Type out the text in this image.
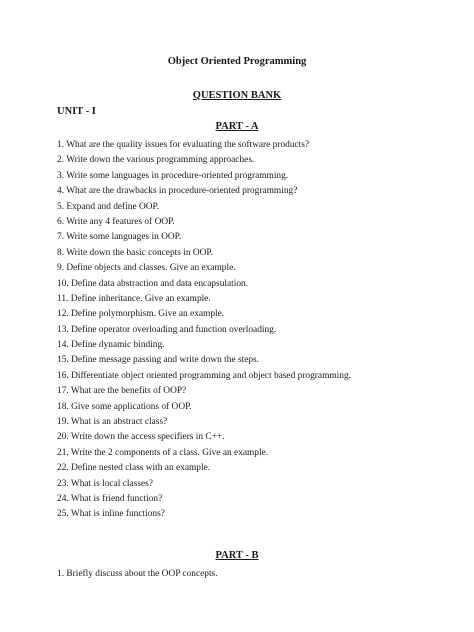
Object Oriented Programming
QUESTION BANK
UNIT - I
PART - A
1. What are the quality issues for evaluating the software products?
2. Write down the various programming approaches.
3. Write some languages in procedure-oriented programming.
4. What are the drawbacks in procedure-oriented programming?
5. Expand and define OOP.
6. Write any 4 features of OOP.
7. Write some languages in OOP.
8. Write down the basic concepts in OOP.
9. Define objects and classes. Give an example.
10. Define data abstraction and data encapsulation.
11. Define inheritance. Give an example.
12. Define polymorphism. Give an example.
13. Define operator overloading and function overloading.
14. Define dynamic binding.
15. Define message passing and write down the steps.
16. Differentiate object oriented programming and object based programming.
17. What are the benefits of OOP?
18. Give some applications of OOP.
19. What is an abstract class?
20. Write down the access specifiers in C++.
21. Write the 2 components of a class. Give an example.
22. Define nested class with an example.
23. What is local classes?
24. What is friend function?
25. What is inline functions?
PART - B
1. Briefly discuss about the OOP concepts.
